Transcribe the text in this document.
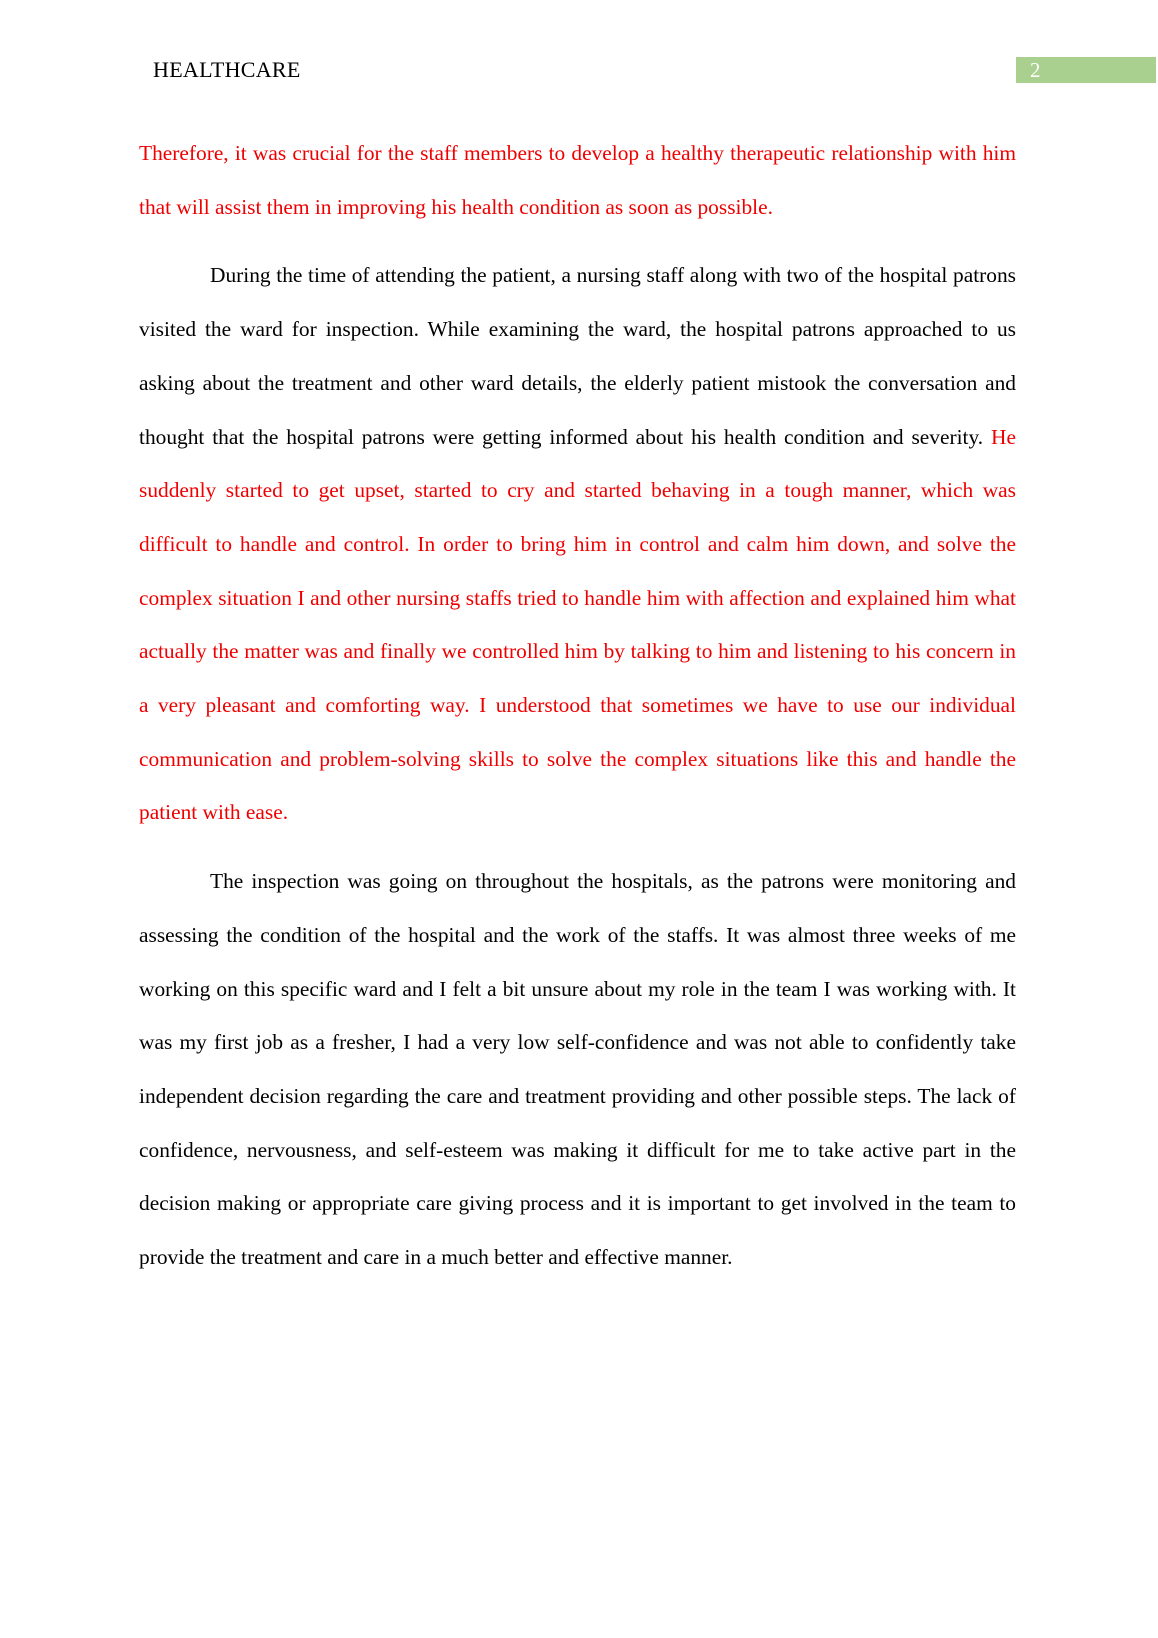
HEALTHCARE	2

Therefore, it was crucial for the staff members to develop a healthy therapeutic relationship with him that will assist them in improving his health condition as soon as possible.

During the time of attending the patient, a nursing staff along with two of the hospital patrons visited the ward for inspection. While examining the ward, the hospital patrons approached to us asking about the treatment and other ward details, the elderly patient mistook the conversation and thought that the hospital patrons were getting informed about his health condition and severity. He suddenly started to get upset, started to cry and started behaving in a tough manner, which was difficult to handle and control. In order to bring him in control and calm him down, and solve the complex situation I and other nursing staffs tried to handle him with affection and explained him what actually the matter was and finally we controlled him by talking to him and listening to his concern in a very pleasant and comforting way. I understood that sometimes we have to use our individual communication and problem-solving skills to solve the complex situations like this and handle the patient with ease.

The inspection was going on throughout the hospitals, as the patrons were monitoring and assessing the condition of the hospital and the work of the staffs. It was almost three weeks of me working on this specific ward and I felt a bit unsure about my role in the team I was working with. It was my first job as a fresher, I had a very low self-confidence and was not able to confidently take independent decision regarding the care and treatment providing and other possible steps. The lack of confidence, nervousness, and self-esteem was making it difficult for me to take active part in the decision making or appropriate care giving process and it is important to get involved in the team to provide the treatment and care in a much better and effective manner.
